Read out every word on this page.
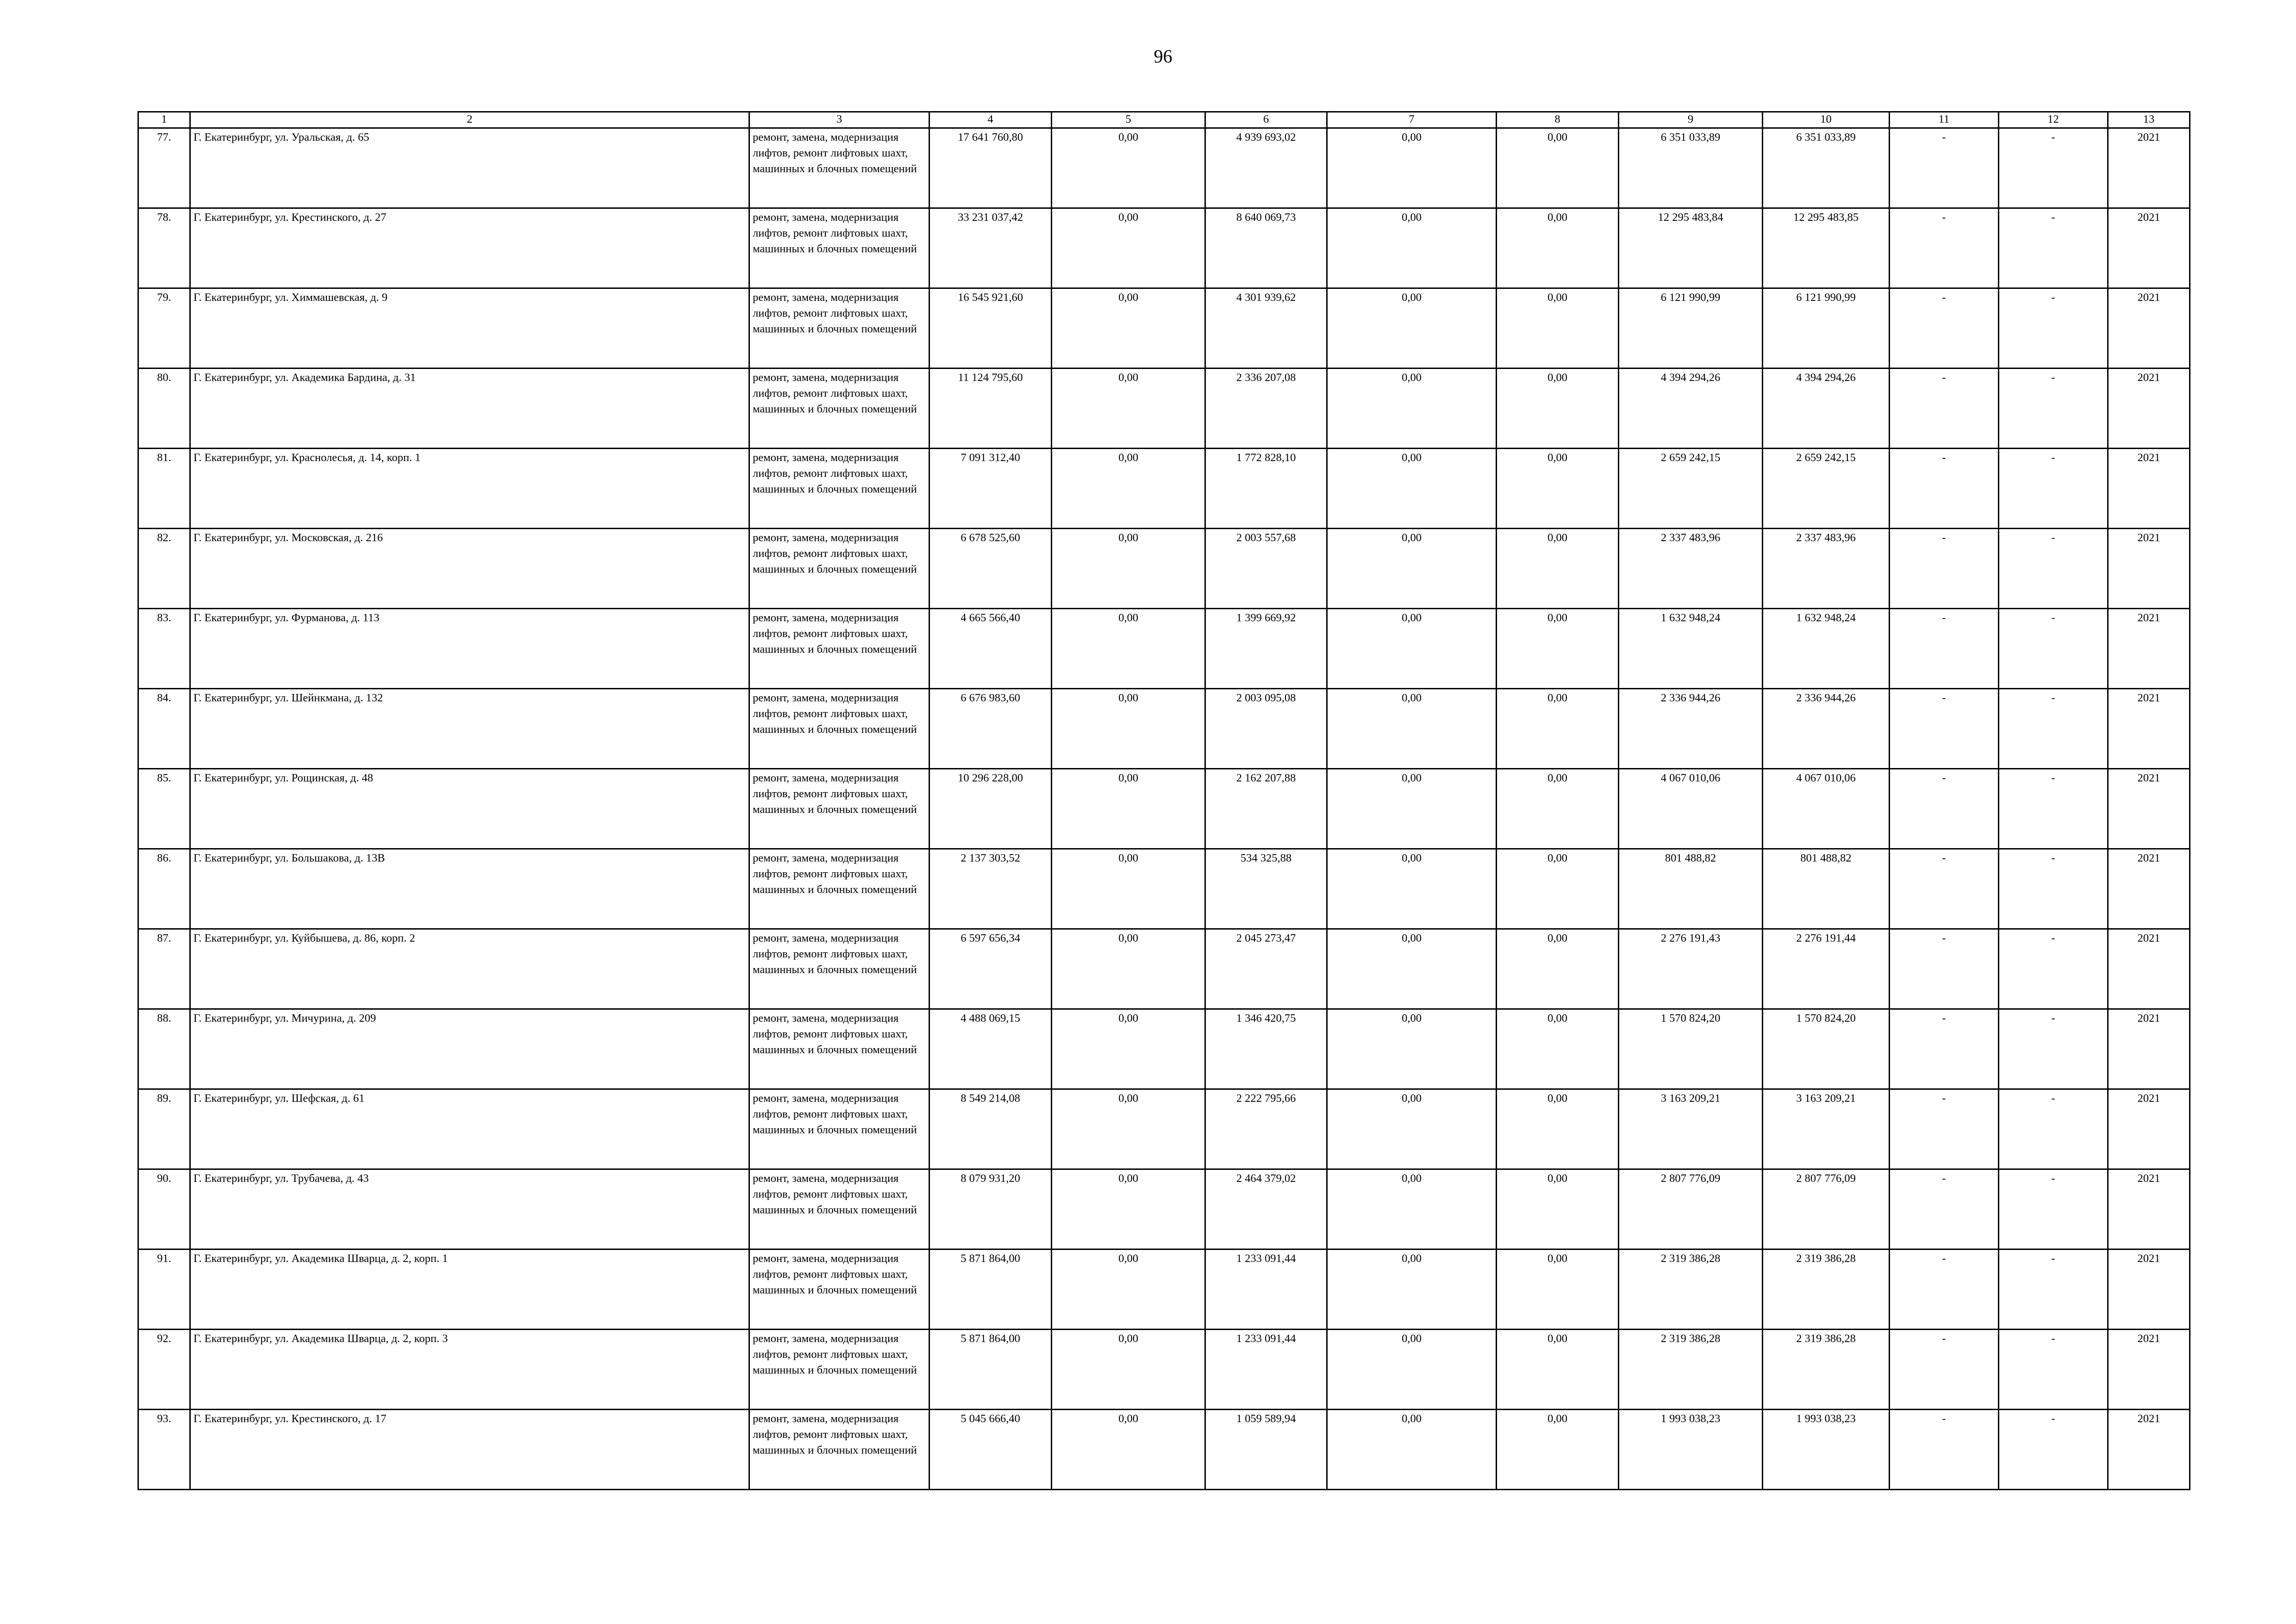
96
1	2	3	4	5	6	7	8	9	10	11	12	13
77.	Г. Екатеринбург, ул. Уральская, д. 65	ремонт, замена, модернизация лифтов, ремонт лифтовых шахт, машинных и блочных помещений	17 641 760,80	0,00	4 939 693,02	0,00	0,00	6 351 033,89	6 351 033,89	-	-	2021
78.	Г. Екатеринбург, ул. Крестинского, д. 27	ремонт, замена, модернизация лифтов, ремонт лифтовых шахт, машинных и блочных помещений	33 231 037,42	0,00	8 640 069,73	0,00	0,00	12 295 483,84	12 295 483,85	-	-	2021
79.	Г. Екатеринбург, ул. Химмашевская, д. 9	ремонт, замена, модернизация лифтов, ремонт лифтовых шахт, машинных и блочных помещений	16 545 921,60	0,00	4 301 939,62	0,00	0,00	6 121 990,99	6 121 990,99	-	-	2021
80.	Г. Екатеринбург, ул. Академика Бардина, д. 31	ремонт, замена, модернизация лифтов, ремонт лифтовых шахт, машинных и блочных помещений	11 124 795,60	0,00	2 336 207,08	0,00	0,00	4 394 294,26	4 394 294,26	-	-	2021
81.	Г. Екатеринбург, ул. Краснолесья, д. 14, корп. 1	ремонт, замена, модернизация лифтов, ремонт лифтовых шахт, машинных и блочных помещений	7 091 312,40	0,00	1 772 828,10	0,00	0,00	2 659 242,15	2 659 242,15	-	-	2021
82.	Г. Екатеринбург, ул. Московская, д. 216	ремонт, замена, модернизация лифтов, ремонт лифтовых шахт, машинных и блочных помещений	6 678 525,60	0,00	2 003 557,68	0,00	0,00	2 337 483,96	2 337 483,96	-	-	2021
83.	Г. Екатеринбург, ул. Фурманова, д. 113	ремонт, замена, модернизация лифтов, ремонт лифтовых шахт, машинных и блочных помещений	4 665 566,40	0,00	1 399 669,92	0,00	0,00	1 632 948,24	1 632 948,24	-	-	2021
84.	Г. Екатеринбург, ул. Шейнкмана, д. 132	ремонт, замена, модернизация лифтов, ремонт лифтовых шахт, машинных и блочных помещений	6 676 983,60	0,00	2 003 095,08	0,00	0,00	2 336 944,26	2 336 944,26	-	-	2021
85.	Г. Екатеринбург, ул. Рощинская, д. 48	ремонт, замена, модернизация лифтов, ремонт лифтовых шахт, машинных и блочных помещений	10 296 228,00	0,00	2 162 207,88	0,00	0,00	4 067 010,06	4 067 010,06	-	-	2021
86.	Г. Екатеринбург, ул. Большакова, д. 13В	ремонт, замена, модернизация лифтов, ремонт лифтовых шахт, машинных и блочных помещений	2 137 303,52	0,00	534 325,88	0,00	0,00	801 488,82	801 488,82	-	-	2021
87.	Г. Екатеринбург, ул. Куйбышева, д. 86, корп. 2	ремонт, замена, модернизация лифтов, ремонт лифтовых шахт, машинных и блочных помещений	6 597 656,34	0,00	2 045 273,47	0,00	0,00	2 276 191,43	2 276 191,44	-	-	2021
88.	Г. Екатеринбург, ул. Мичурина, д. 209	ремонт, замена, модернизация лифтов, ремонт лифтовых шахт, машинных и блочных помещений	4 488 069,15	0,00	1 346 420,75	0,00	0,00	1 570 824,20	1 570 824,20	-	-	2021
89.	Г. Екатеринбург, ул. Шефская, д. 61	ремонт, замена, модернизация лифтов, ремонт лифтовых шахт, машинных и блочных помещений	8 549 214,08	0,00	2 222 795,66	0,00	0,00	3 163 209,21	3 163 209,21	-	-	2021
90.	Г. Екатеринбург, ул. Трубачева, д. 43	ремонт, замена, модернизация лифтов, ремонт лифтовых шахт, машинных и блочных помещений	8 079 931,20	0,00	2 464 379,02	0,00	0,00	2 807 776,09	2 807 776,09	-	-	2021
91.	Г. Екатеринбург, ул. Академика Шварца, д. 2, корп. 1	ремонт, замена, модернизация лифтов, ремонт лифтовых шахт, машинных и блочных помещений	5 871 864,00	0,00	1 233 091,44	0,00	0,00	2 319 386,28	2 319 386,28	-	-	2021
92.	Г. Екатеринбург, ул. Академика Шварца, д. 2, корп. 3	ремонт, замена, модернизация лифтов, ремонт лифтовых шахт, машинных и блочных помещений	5 871 864,00	0,00	1 233 091,44	0,00	0,00	2 319 386,28	2 319 386,28	-	-	2021
93.	Г. Екатеринбург, ул. Крестинского, д. 17	ремонт, замена, модернизация лифтов, ремонт лифтовых шахт, машинных и блочных помещений	5 045 666,40	0,00	1 059 589,94	0,00	0,00	1 993 038,23	1 993 038,23	-	-	2021
